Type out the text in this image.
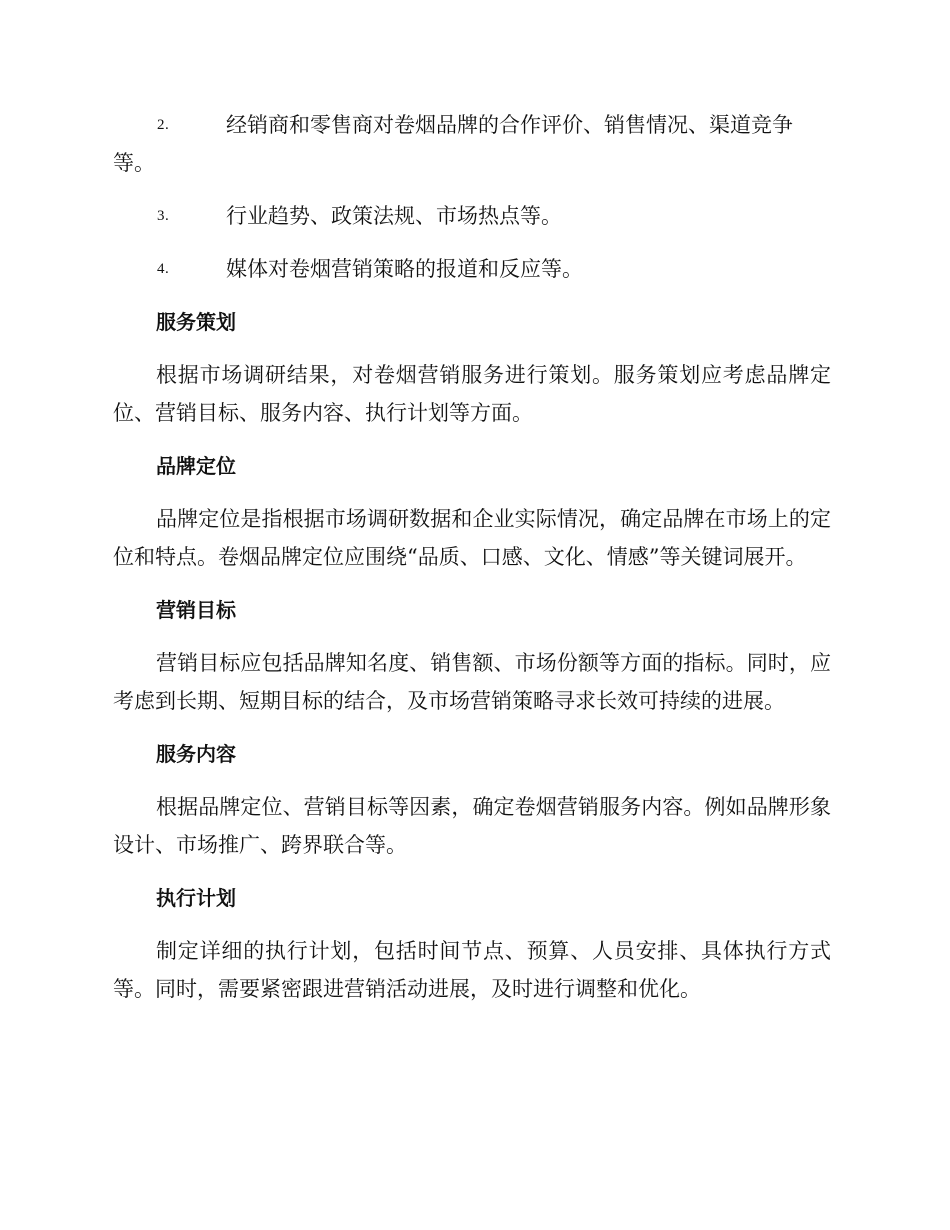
2.	经销商和零售商对卷烟品牌的合作评价、销售情况、渠道竞争等。
3.	行业趋势、政策法规、市场热点等。
4.	媒体对卷烟营销策略的报道和反应等。
服务策划

根据市场调研结果，对卷烟营销服务进行策划。服务策划应考虑品牌定位、营销目标、服务内容、执行计划等方面。

品牌定位

品牌定位是指根据市场调研数据和企业实际情况，确定品牌在市场上的定位和特点。卷烟品牌定位应围绕“品质、口感、文化、情感”等关键词展开。

营销目标

营销目标应包括品牌知名度、销售额、市场份额等方面的指标。同时，应考虑到长期、短期目标的结合，及市场营销策略寻求长效可持续的进展。

服务内容

根据品牌定位、营销目标等因素，确定卷烟营销服务内容。例如品牌形象设计、市场推广、跨界联合等。

执行计划

制定详细的执行计划，包括时间节点、预算、人员安排、具体执行方式等。同时，需要紧密跟进营销活动进展，及时进行调整和优化。
